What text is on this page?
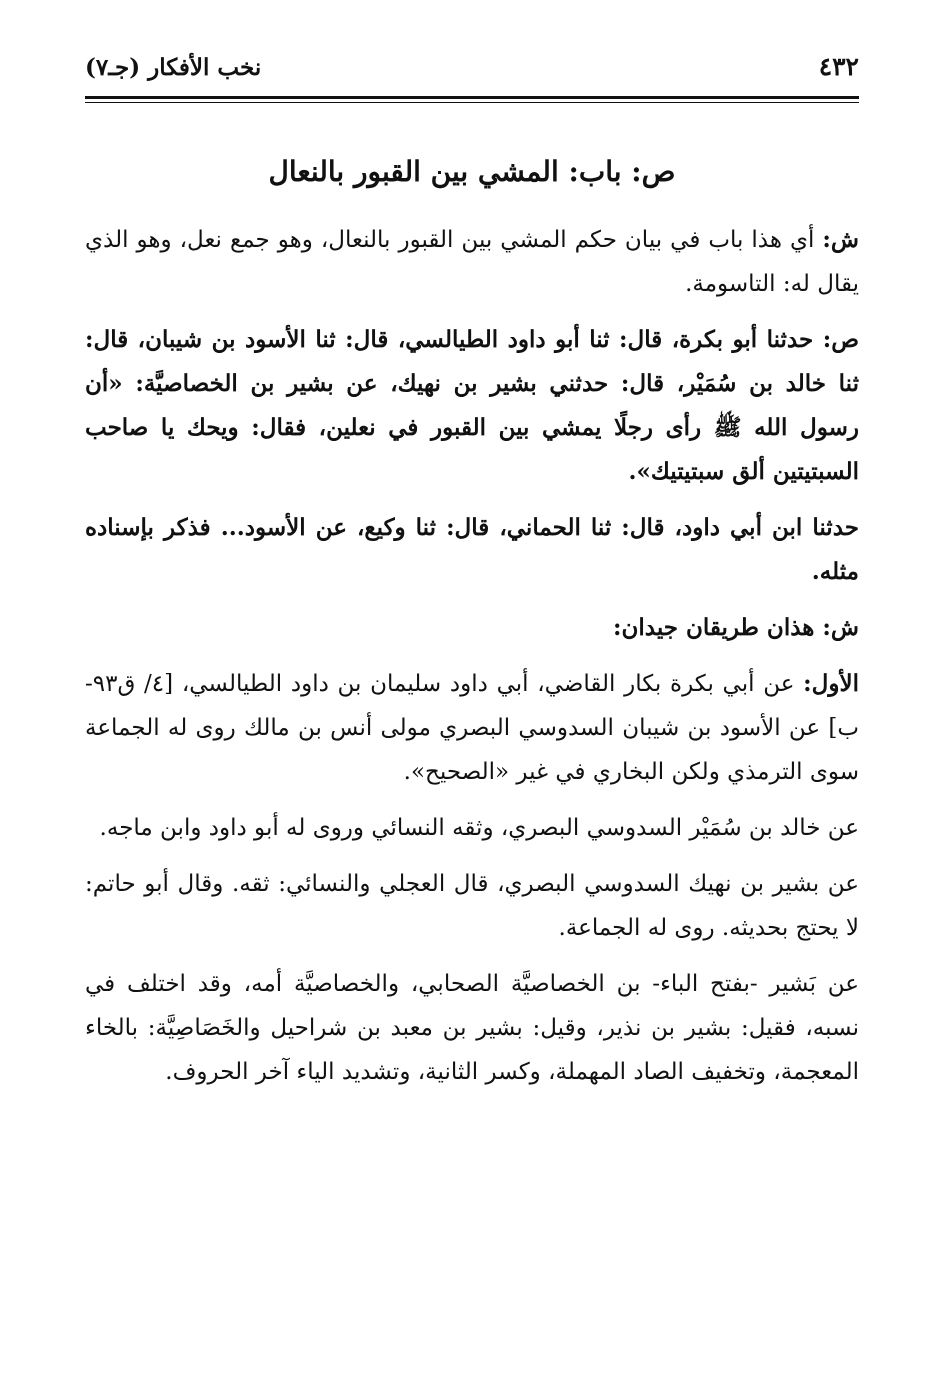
٤٣٢
نخب الأفكار (جـ٧)
ص: باب: المشي بين القبور بالنعال

ش: أي هذا باب في بيان حكم المشي بين القبور بالنعال، وهو جمع نعل، وهو الذي يقال له: التاسومة.

ص: حدثنا أبو بكرة، قال: ثنا أبو داود الطيالسي، قال: ثنا الأسود بن شيبان، قال: ثنا خالد بن سُمَيْر، قال: حدثني بشير بن نهيك، عن بشير بن الخصاصيَّة: «أن رسول الله ﷺ رأى رجلًا يمشي بين القبور في نعلين، فقال: ويحك يا صاحب السبتيتين ألق سبتيتيك».

حدثنا ابن أبي داود، قال: ثنا الحماني، قال: ثنا وكيع، عن الأسود... فذكر بإسناده مثله.

ش: هذان طريقان جيدان:

الأول: عن أبي بكرة بكار القاضي، أبي داود سليمان بن داود الطيالسي، [٤/ ق٩٣-ب] عن الأسود بن شيبان السدوسي البصري مولى أنس بن مالك روى له الجماعة سوى الترمذي ولكن البخاري في غير «الصحيح».

عن خالد بن سُمَيْر السدوسي البصري، وثقه النسائي وروى له أبو داود وابن ماجه.

عن بشير بن نهيك السدوسي البصري، قال العجلي والنسائي: ثقه. وقال أبو حاتم: لا يحتج بحديثه. روى له الجماعة.

عن بَشير -بفتح الباء- بن الخصاصيَّة الصحابي، والخصاصيَّة أمه، وقد اختلف في نسبه، فقيل: بشير بن نذير، وقيل: بشير بن معبد بن شراحيل والخَصَاصِيَّة: بالخاء المعجمة، وتخفيف الصاد المهملة، وكسر الثانية، وتشديد الياء آخر الحروف.
